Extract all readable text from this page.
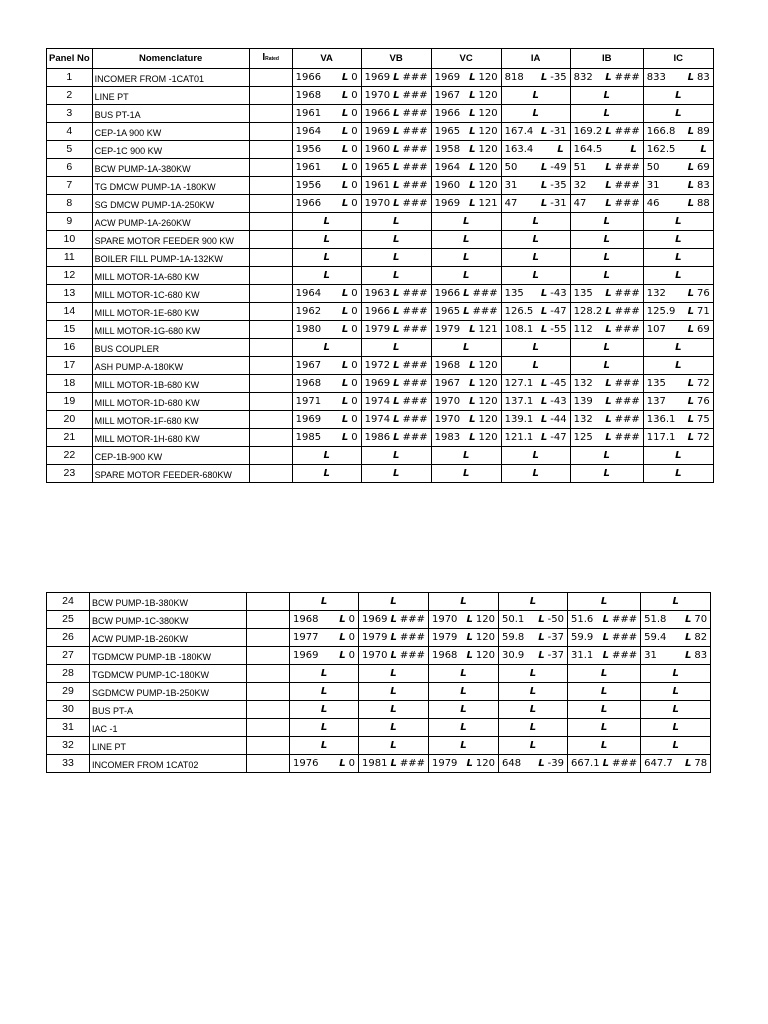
Panel No	Nomenclature	IRated	VA	VB	VC	IA	IB	IC
1	INCOMER FROM -1CAT01		1966 L 0	1969 L ###	1969 L 120	818 L -35	832 L ###	833 L 83

2	LINE PT		1968 L 0	1970 L ###	1967 L 120	L	L	L

3	BUS PT-1A		1961 L 0	1966 L ###	1966 L 120	L	L	L

4	CEP-1A 900 KW		1964 L 0	1969 L ###	1965 L 120	167.4 L -31	169.2 L ###	166.8 L 89

5	CEP-1C 900 KW		1956 L 0	1960 L ###	1958 L 120	163.4 L	164.5 L	162.5 L

6	BCW PUMP-1A-380KW		1961 L 0	1965 L ###	1964 L 120	50 L -49	51 L ###	50 L 69

7	TG DMCW PUMP-1A -180KW		1956 L 0	1961 L ###	1960 L 120	31 L -35	32 L ###	31 L 83

8	SG DMCW PUMP-1A-250KW		1966 L 0	1970 L ###	1969 L 121	47 L -31	47 L ###	46 L 88

9	ACW PUMP-1A-260KW		L	L	L	L	L	L

10	SPARE MOTOR FEEDER 900 KW		L	L	L	L	L	L

11	BOILER FILL PUMP-1A-132KW		L	L	L	L	L	L

12	MILL MOTOR-1A-680 KW		L	L	L	L	L	L

13	MILL MOTOR-1C-680 KW		1964 L 0	1963 L ###	1966 L ###	135 L -43	135 L ###	132 L 76

14	MILL MOTOR-1E-680 KW		1962 L 0	1966 L ###	1965 L ###	126.5 L -47	128.2 L ###	125.9 L 71

15	MILL MOTOR-1G-680 KW		1980 L 0	1979 L ###	1979 L 121	108.1 L -55	112 L ###	107 L 69

16	BUS COUPLER		L	L	L	L	L	L

17	ASH PUMP-A-180KW		1967 L 0	1972 L ###	1968 L 120	L	L	L

18	MILL MOTOR-1B-680 KW		1968 L 0	1969 L ###	1967 L 120	127.1 L -45	132 L ###	135 L 72

19	MILL MOTOR-1D-680 KW		1971 L 0	1974 L ###	1970 L 120	137.1 L -43	139 L ###	137 L 76

20	MILL MOTOR-1F-680 KW		1969 L 0	1974 L ###	1970 L 120	139.1 L -44	132 L ###	136.1 L 75

21	MILL MOTOR-1H-680 KW		1985 L 0	1986 L ###	1983 L 120	121.1 L -47	125 L ###	117.1 L 72

22	CEP-1B-900 KW		L	L	L	L	L	L

23	SPARE MOTOR FEEDER-680KW		L	L	L	L	L	L
24	BCW PUMP-1B-380KW		L	L	L	L	L	L

25	BCW PUMP-1C-380KW		1968 L 0	1969 L ###	1970 L 120	50.1 L -50	51.6 L ###	51.8 L 70

26	ACW PUMP-1B-260KW		1977 L 0	1979 L ###	1979 L 120	59.8 L -37	59.9 L ###	59.4 L 82

27	TGDMCW PUMP-1B -180KW		1969 L 0	1970 L ###	1968 L 120	30.9 L -37	31.1 L ###	31 L 83

28	TGDMCW PUMP-1C-180KW		L	L	L	L	L	L

29	SGDMCW PUMP-1B-250KW		L	L	L	L	L	L

30	BUS PT-A		L	L	L	L	L	L

31	IAC -1		L	L	L	L	L	L

32	LINE PT		L	L	L	L	L	L

33	INCOMER FROM 1CAT02		1976 L 0	1981 L ###	1979 L 120	648 L -39	667.1 L ###	647.7 L 78
